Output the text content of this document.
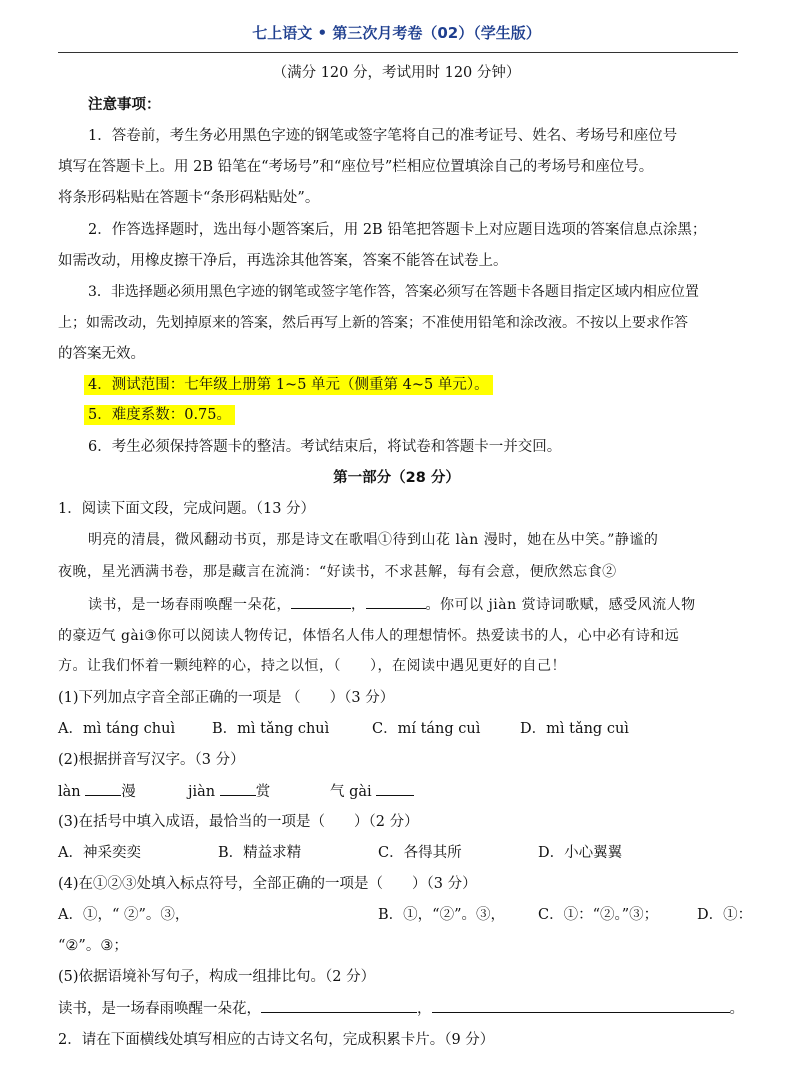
七上语文 • 第三次月考卷（02）（学生版）
（满分 120 分，考试用时 120 分钟）
注意事项：
1．答卷前，考生务必用黑色字迹的钢笔或签字笔将自己的准考证号、姓名、考场号和座位号
填写在答题卡上。用 2B 铅笔在“考场号”和“座位号”栏相应位置填涂自己的考场号和座位号。
将条形码粘贴在答题卡“条形码粘贴处”。
2．作答选择题时，选出每小题答案后，用 2B 铅笔把答题卡上对应题目选项的答案信息点涂黑；
如需改动，用橡皮擦干净后，再选涂其他答案，答案不能答在试卷上。
3．非选择题必须用黑色字迹的钢笔或签字笔作答，答案必须写在答题卡各题目指定区域内相应位置
上；如需改动，先划掉原来的答案，然后再写上新的答案；不准使用铅笔和涂改液。不按以上要求作答
的答案无效。
4．测试范围：七年级上册第 1~5 单元（侧重第 4~5 单元）。
5．难度系数：0.75。
6．考生必须保持答题卡的整洁。考试结束后，将试卷和答题卡一并交回。
第一部分（28 分）
1．阅读下面文段，完成问题。（13 分）
明亮的清晨，微风翻动书页，那是诗文在歌唱①待到山花 làn 漫时，她在丛中笑。”静谧的
夜晚，星光洒满书卷，那是藏言在流淌：“好读书，不求甚解，每有会意，便欣然忘食②
读书，是一场春雨唤醒一朵花，	，	。你可以 jiàn 赏诗词歌赋，感受风流人物
的豪迈气 gài③你可以阅读人物传记，体悟名人伟人的理想情怀。热爱读书的人，心中必有诗和远
方。让我们怀着一颗纯粹的心，持之以恒，（　　），在阅读中遇见更好的自己！
(1)下列加点字音全部正确的一项是 （　　）（3 分）
A．mì táng chuì	B．mì tǎng chuì	C．mí táng cuì	D．mì tǎng cuì
(2)根据拼音写汉字。（3 分）
làn	漫	jiàn	赏	气 gài
(3)在括号中填入成语，最恰当的一项是（　　）（2 分）
A．神采奕奕	B．精益求精	C．各得其所	D．小心翼翼
(4)在①②③处填入标点符号，全部正确的一项是（　　）（3 分）
A．①，“ ②”。③，	B．①，“②”。③， C．①：“②。”③；	D．①：
“②”。③；
(5)依据语境补写句子，构成一组排比句。（2 分）
读书，是一场春雨唤醒一朵花，	，	。
2．请在下面横线处填写相应的古诗文名句，完成积累卡片。（9 分）
